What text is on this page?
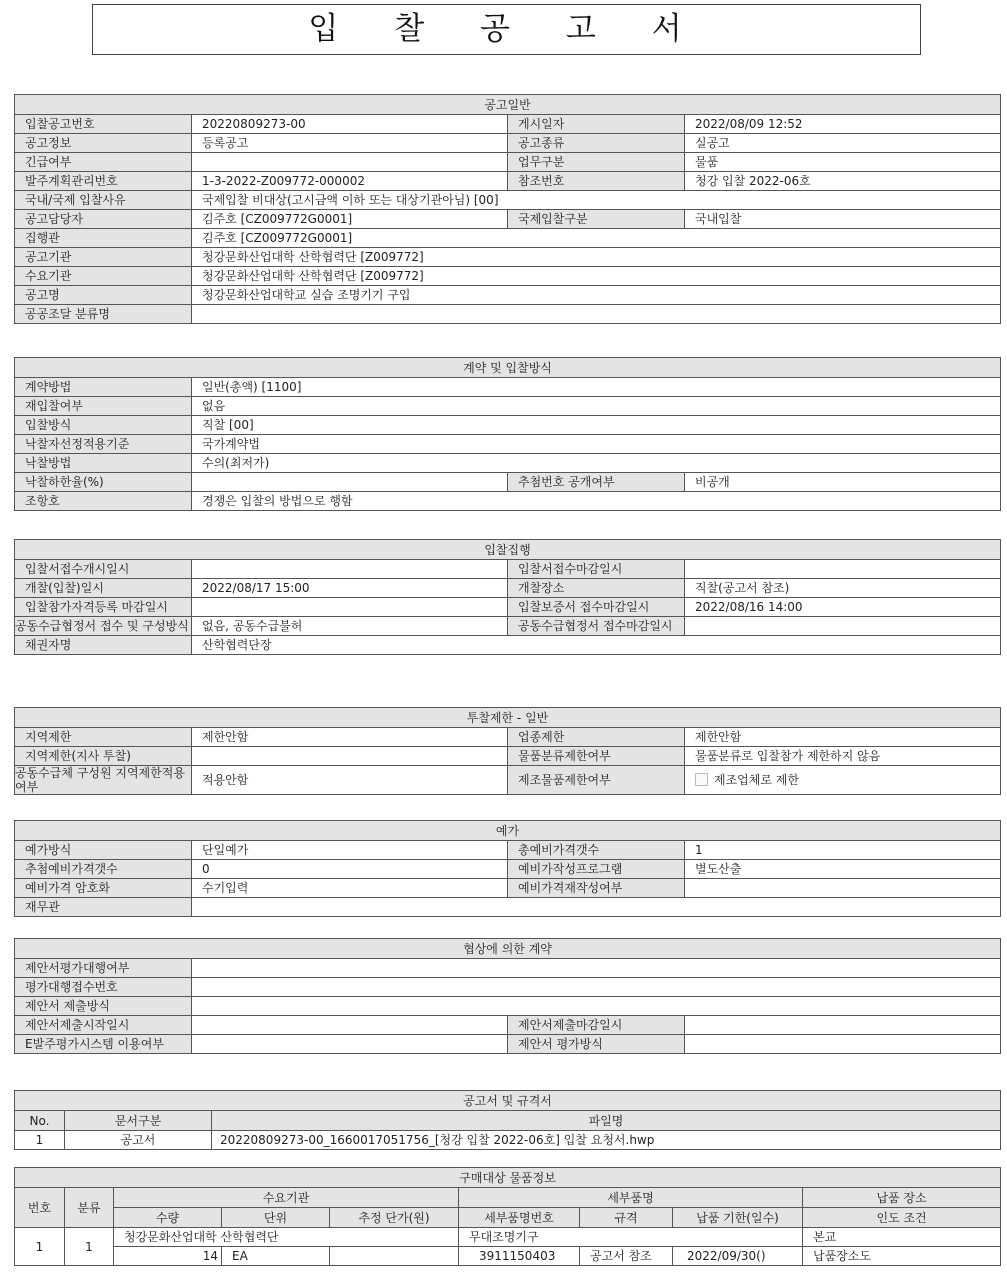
입 찰 공 고 서
공고일반			
입찰공고번호	20220809273-00	게시일자	2022/08/09 12:52
공고정보	등록공고	공고종류	실공고
긴급여부		업무구분	물품
발주계획관리번호	1-3-2022-Z009772-000002	참조번호	청강 입찰 2022-06호
국내/국제 입찰사유	국제입찰 비대상(고시금액 이하 또는 대상기관아님) [00]		
공고담당자	김주호 [CZ009772G0001]	국제입찰구분	국내입찰
집행관	김주호 [CZ009772G0001]		
공고기관	청강문화산업대학 산학협력단 [Z009772]		
수요기관	청강문화산업대학 산학협력단 [Z009772]		
공고명	청강문화산업대학교 실습 조명기기 구입		
공공조달 분류명			
계약 및 입찰방식			
계약방법	일반(총액) [1100]		
재입찰여부	없음		
입찰방식	직찰 [00]		
낙찰자선정적용기준	국가계약법		
낙찰방법	수의(최저가)		
낙찰하한율(%)		추첨번호 공개여부	비공개
조항호	경쟁은 입찰의 방법으로 행함		
입찰집행			
입찰서접수개시일시		입찰서접수마감일시	
개찰(입찰)일시	2022/08/17 15:00	개찰장소	직찰(공고서 참조)
입찰참가자격등록 마감일시		입찰보증서 접수마감일시	2022/08/16 14:00
공동수급협정서 접수 및 구성방식	없음, 공동수급불허	공동수급협정서 접수마감일시	
채권자명	산학협력단장		
투찰제한 - 일반			
지역제한	제한안함	업종제한	제한안함
지역제한(지사 투찰)		물품분류제한여부	물품분류로 입찰참가 제한하지 않음
공동수급체 구성원 지역제한적용여부	적용안함	제조물품제한여부	제조업체로 제한
예가			
예가방식	단일예가	총예비가격갯수	1
추첨예비가격갯수	0	예비가작성프로그램	별도산출
예비가격 암호화	수기입력	예비가격재작성여부	
재무관			
협상에 의한 계약			
제안서평가대행여부			
평가대행접수번호			
제안서 제출방식			
제안서제출시작일시		제안서제출마감일시	
E발주평가시스템 이용여부		제안서 평가방식	
공고서 및 규격서		
No.	문서구분	파일명
1	공고서	20220809273-00_1660017051756_[청강 입찰 2022-06호] 입찰 요청서.hwp
구매대상 물품정보								
번호	분류	수요기관			세부품명			납품 장소
		수량	단위	추정 단가(원)	세부품명번호	규격	납품 기한(일수)	인도 조건
1	1	청강문화산업대학 산학협력단			무대조명기구			본교
		14	EA		3911150403	공고서 참조	2022/09/30()	납품장소도
